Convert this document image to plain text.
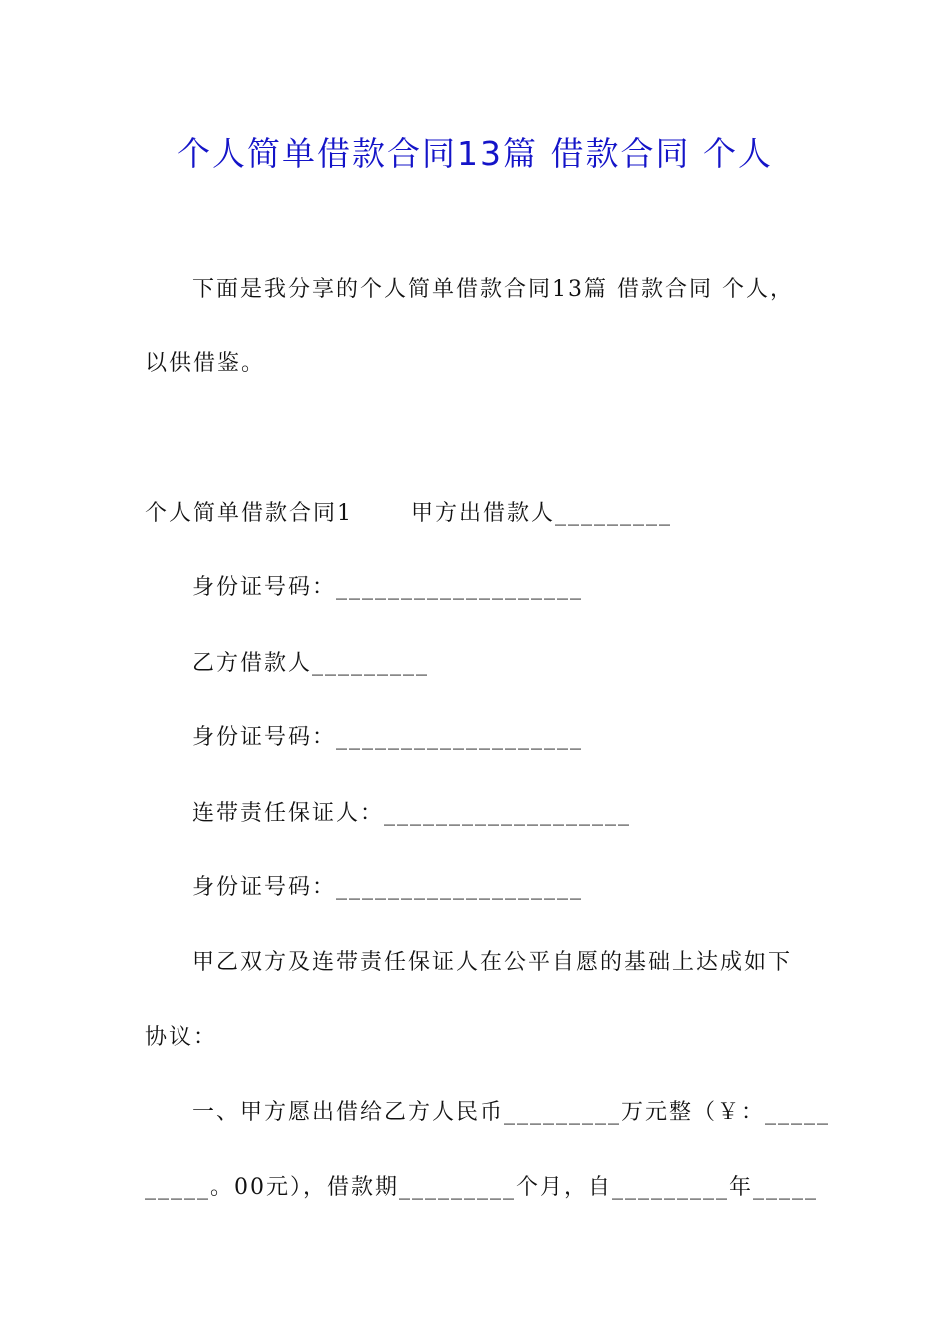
个人简单借款合同13篇 借款合同 个人
下面是我分享的个人简单借款合同13篇 借款合同 个人，
以供借鉴。
个人简单借款合同1	甲方出借款人_________
身份证号码：___________________
乙方借款人_________
身份证号码：___________________
连带责任保证人：___________________
身份证号码：___________________
甲乙双方及连带责任保证人在公平自愿的基础上达成如下
协议：
一、甲方愿出借给乙方人民币_________万元整（￥：_____
_____。00元），借款期_________个月，自_________年_____
